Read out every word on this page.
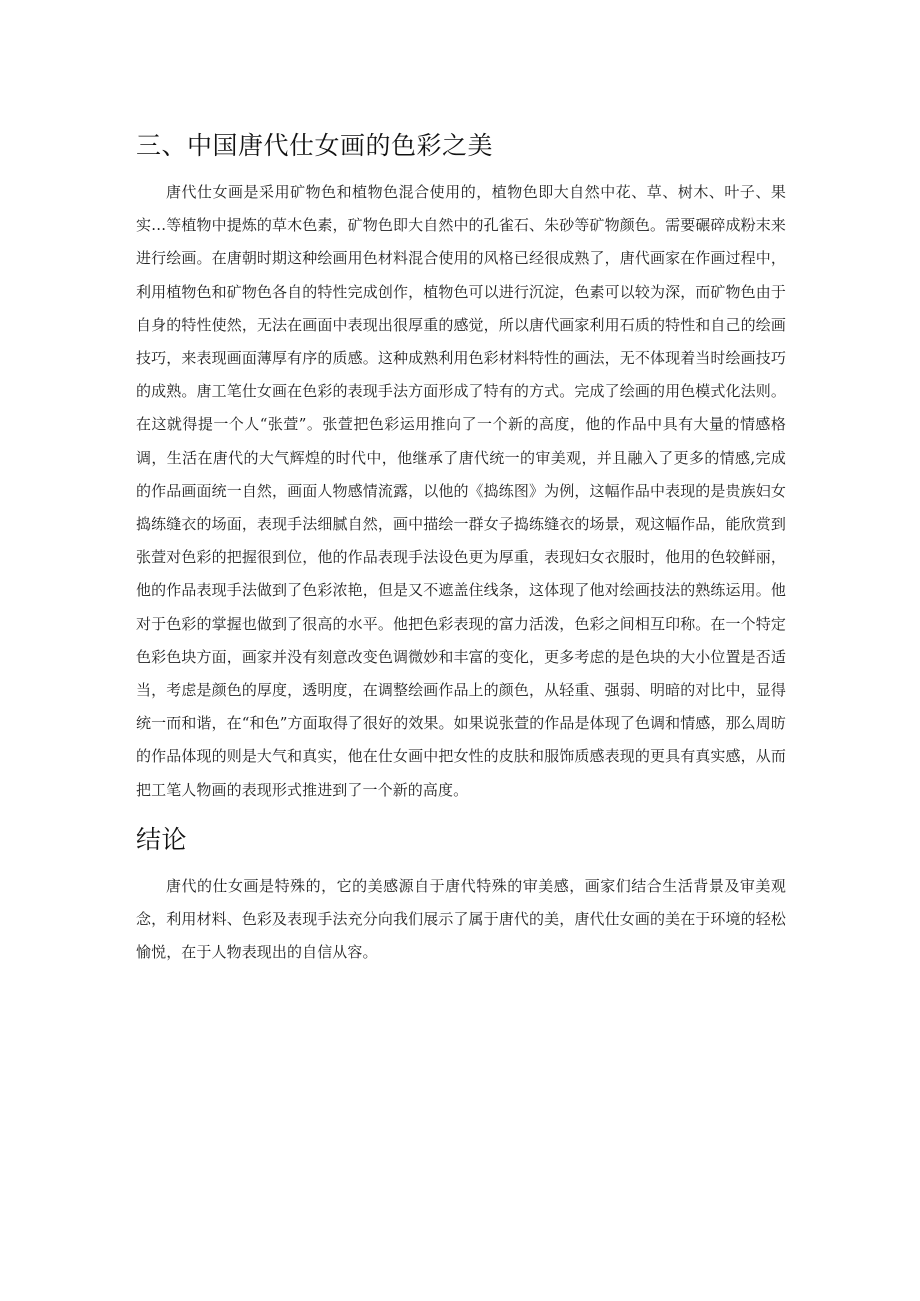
三、中国唐代仕女画的色彩之美

唐代仕女画是采用矿物色和植物色混合使用的，植物色即大自然中花、草、树木、叶子、果实…等植物中提炼的草木色素，矿物色即大自然中的孔雀石、朱砂等矿物颜色。需要碾碎成粉末来进行绘画。在唐朝时期这种绘画用色材料混合使用的风格已经很成熟了，唐代画家在作画过程中，利用植物色和矿物色各自的特性完成创作，植物色可以进行沉淀，色素可以较为深，而矿物色由于自身的特性使然，无法在画面中表现出很厚重的感觉，所以唐代画家利用石质的特性和自己的绘画技巧，来表现画面薄厚有序的质感。这种成熟利用色彩材料特性的画法，无不体现着当时绘画技巧的成熟。唐工笔仕女画在色彩的表现手法方面形成了特有的方式。完成了绘画的用色模式化法则。在这就得提一个人“张萱”。张萱把色彩运用推向了一个新的高度，他的作品中具有大量的情感格调，生活在唐代的大气辉煌的时代中，他继承了唐代统一的审美观，并且融入了更多的情感,完成的作品画面统一自然，画面人物感情流露，以他的《捣练图》为例，这幅作品中表现的是贵族妇女捣练缝衣的场面，表现手法细腻自然，画中描绘一群女子捣练缝衣的场景，观这幅作品，能欣赏到张萱对色彩的把握很到位，他的作品表现手法设色更为厚重，表现妇女衣服时，他用的色较鲜丽，他的作品表现手法做到了色彩浓艳，但是又不遮盖住线条，这体现了他对绘画技法的熟练运用。他对于色彩的掌握也做到了很高的水平。他把色彩表现的富力活泼，色彩之间相互印称。在一个特定色彩色块方面，画家并没有刻意改变色调微妙和丰富的变化，更多考虑的是色块的大小位置是否适当，考虑是颜色的厚度，透明度，在调整绘画作品上的颜色，从轻重、强弱、明暗的对比中，显得统一而和谐，在“和色”方面取得了很好的效果。如果说张萱的作品是体现了色调和情感，那么周昉的作品体现的则是大气和真实，他在仕女画中把女性的皮肤和服饰质感表现的更具有真实感，从而把工笔人物画的表现形式推进到了一个新的高度。

结论

唐代的仕女画是特殊的，它的美感源自于唐代特殊的审美感，画家们结合生活背景及审美观念，利用材料、色彩及表现手法充分向我们展示了属于唐代的美，唐代仕女画的美在于环境的轻松愉悦，在于人物表现出的自信从容。
